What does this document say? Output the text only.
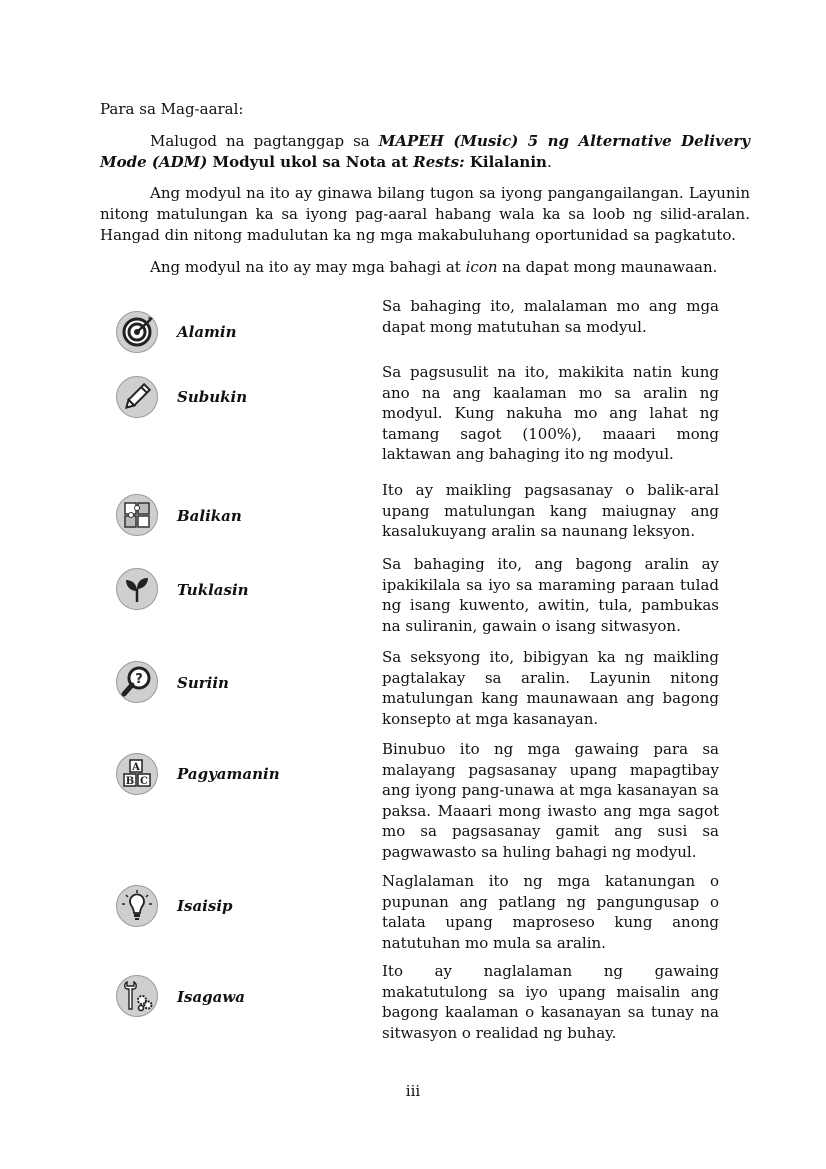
Para sa Mag-aaral:

Malugod na pagtanggap sa MAPEH (Music) 5 ng Alternative Delivery Mode (ADM) Modyul ukol sa Nota at Rests: Kilalanin.

Ang modyul na ito ay ginawa bilang tugon sa iyong pangangailangan. Layunin nitong matulungan ka sa iyong pag-aaral habang wala ka sa loob ng silid-aralan. Hangad din nitong madulutan ka ng mga makabuluhang oportunidad sa pagkatuto.

Ang modyul na ito ay may mga bahagi at icon na dapat mong maunawaan.

Alamin

Sa bahaging ito, malalaman mo ang mga dapat mong matutuhan sa modyul.

Subukin

Sa pagsusulit na ito, makikita natin kung ano na ang kaalaman mo sa aralin ng modyul. Kung nakuha mo ang lahat ng tamang sagot (100%), maaari mong laktawan ang bahaging ito ng modyul.

Balikan

Ito ay maikling pagsasanay o balik-aral upang matulungan kang maiugnay ang kasalukuyang aralin sa naunang leksyon.

Tuklasin

Sa bahaging ito, ang bagong aralin ay ipakikilala sa iyo sa maraming paraan tulad ng isang kuwento, awitin, tula, pambukas na suliranin, gawain o isang sitwasyon.

? Suriin

Sa seksyong ito, bibigyan ka ng maikling pagtalakay sa aralin. Layunin nitong matulungan kang maunawaan ang bagong konsepto at mga kasanayan.

A
B C Pagyamanin

Binubuo ito ng mga gawaing para sa malayang pagsasanay upang mapagtibay ang iyong pang-unawa at mga kasanayan sa paksa. Maaari mong iwasto ang mga sagot mo sa pagsasanay gamit ang susi sa pagwawasto sa huling bahagi ng modyul.

Isaisip

Naglalaman ito ng mga katanungan o pupunan ang patlang ng pangungusap o talata upang maproseso kung anong natutuhan mo mula sa aralin.

Isagawa

Ito ay naglalaman ng gawaing makatutulong sa iyo upang maisalin ang bagong kaalaman o kasanayan sa tunay na sitwasyon o realidad ng buhay.

iii
